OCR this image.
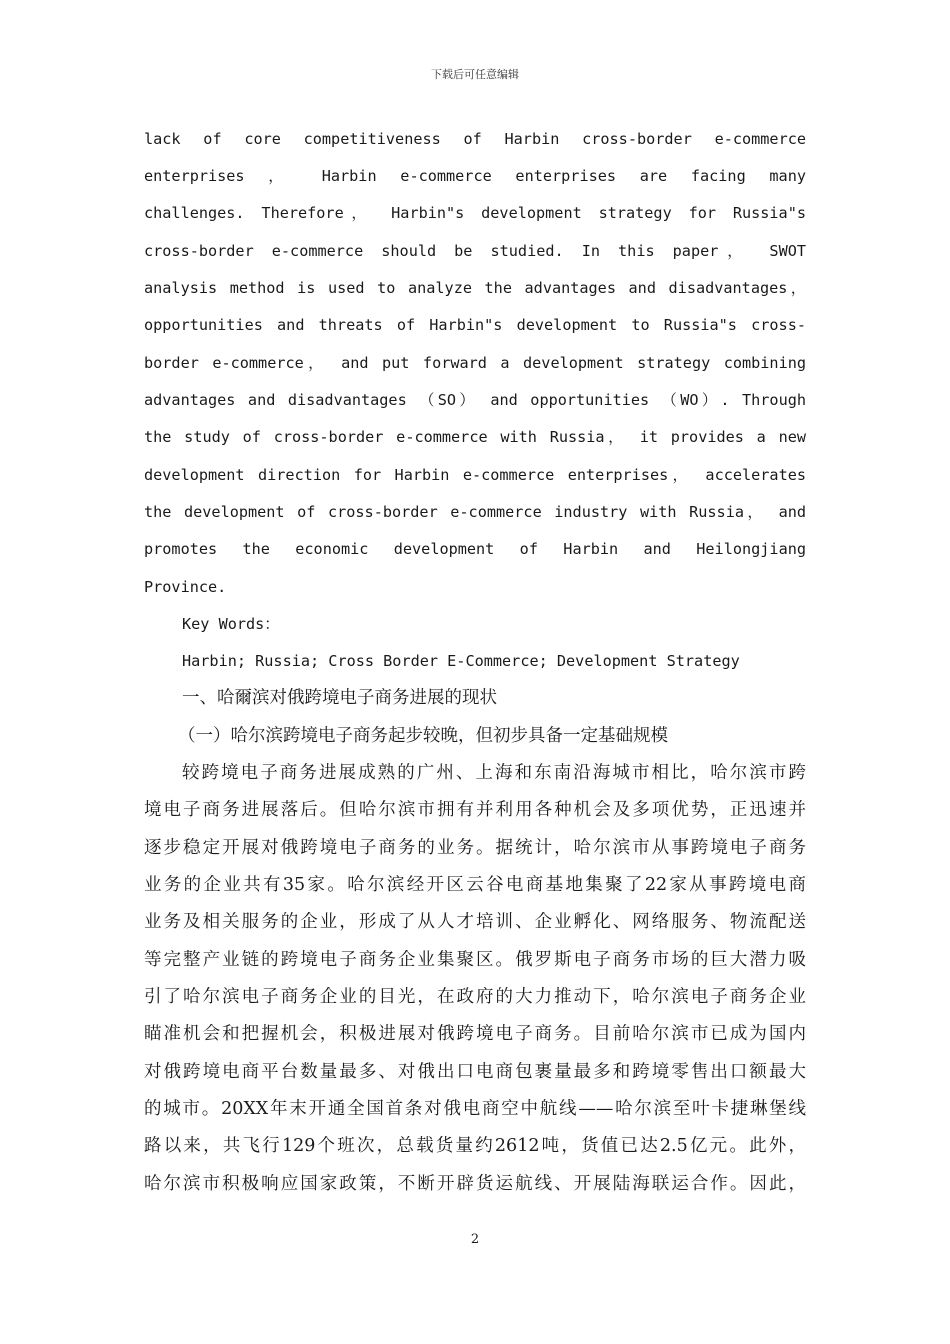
下载后可任意编辑
lack of core competitiveness of Harbin cross-border e-commerce
enterprises ， Harbin e-commerce enterprises are facing many
challenges. Therefore， Harbin"s development strategy for Russia"s
cross-border e-commerce should be studied. In this paper， SWOT
analysis method is used to analyze the advantages and disadvantages，
opportunities and threats of Harbin"s development to Russia"s cross-
border e-commerce， and put forward a development strategy combining
advantages and disadvantages （SO） and opportunities （WO）. Through
the study of cross-border e-commerce with Russia， it provides a new
development direction for Harbin e-commerce enterprises， accelerates
the development of cross-border e-commerce industry with Russia， and
promotes the economic development of Harbin and Heilongjiang
Province.
Key Words：
Harbin; Russia; Cross Border E-Commerce; Development Strategy
一、哈爾滨对俄跨境电子商务进展的现状
（一）哈尔滨跨境电子商务起步较晚，但初步具备一定基础规模
较跨境电子商务进展成熟的广州、上海和东南沿海城市相比，哈尔滨市跨
境电子商务进展落后。但哈尔滨市拥有并利用各种机会及多项优势，正迅速并
逐步稳定开展对俄跨境电子商务的业务。据统计，哈尔滨市从事跨境电子商务
业务的企业共有35家。哈尔滨经开区云谷电商基地集聚了22家从事跨境电商
业务及相关服务的企业，形成了从人才培训、企业孵化、网络服务、物流配送
等完整产业链的跨境电子商务企业集聚区。俄罗斯电子商务市场的巨大潜力吸
引了哈尔滨电子商务企业的目光，在政府的大力推动下，哈尔滨电子商务企业
瞄准机会和把握机会，积极进展对俄跨境电子商务。目前哈尔滨市已成为国内
对俄跨境电商平台数量最多、对俄出口电商包裹量最多和跨境零售出口额最大
的城市。20XX年末开通全国首条对俄电商空中航线——哈尔滨至叶卡捷琳堡线
路以来，共飞行129个班次，总载货量约2612吨，货值已达2.5亿元。此外，
哈尔滨市积极响应国家政策，不断开辟货运航线、开展陆海联运合作。因此，
2
